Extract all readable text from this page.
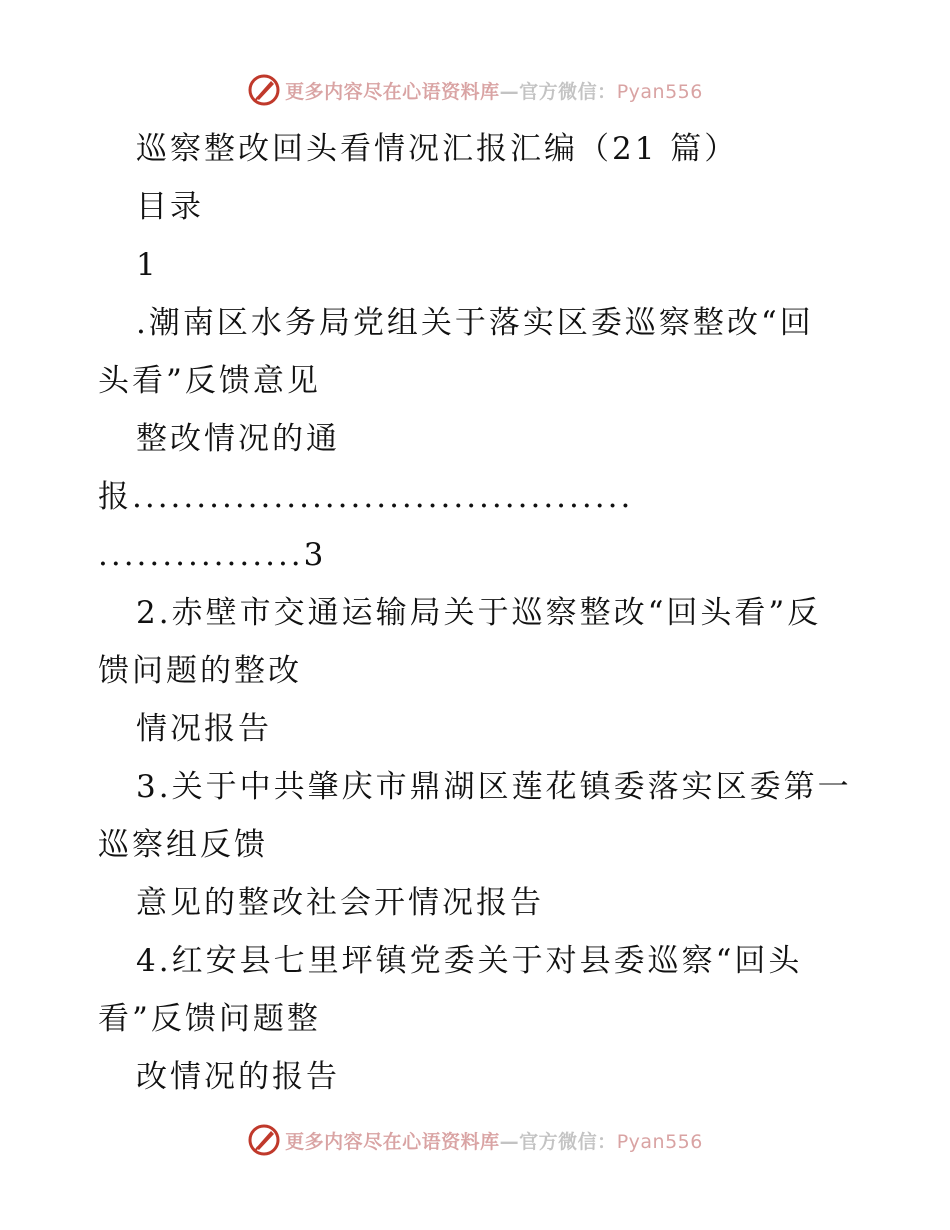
更多内容尽在心语资料库—官方微信：Pyan556
巡察整改回头看情况汇报汇编（21 篇）
目录
1
.潮南区水务局党组关于落实区委巡察整改“回
头看”反馈意见
整改情况的通
报.......................................
................3
2.赤壁市交通运输局关于巡察整改“回头看”反
馈问题的整改
情况报告
3.关于中共肇庆市鼎湖区莲花镇委落实区委第一
巡察组反馈
意见的整改社会开情况报告
4.红安县七里坪镇党委关于对县委巡察“回头
看”反馈问题整
改情况的报告
更多内容尽在心语资料库—官方微信：Pyan556
